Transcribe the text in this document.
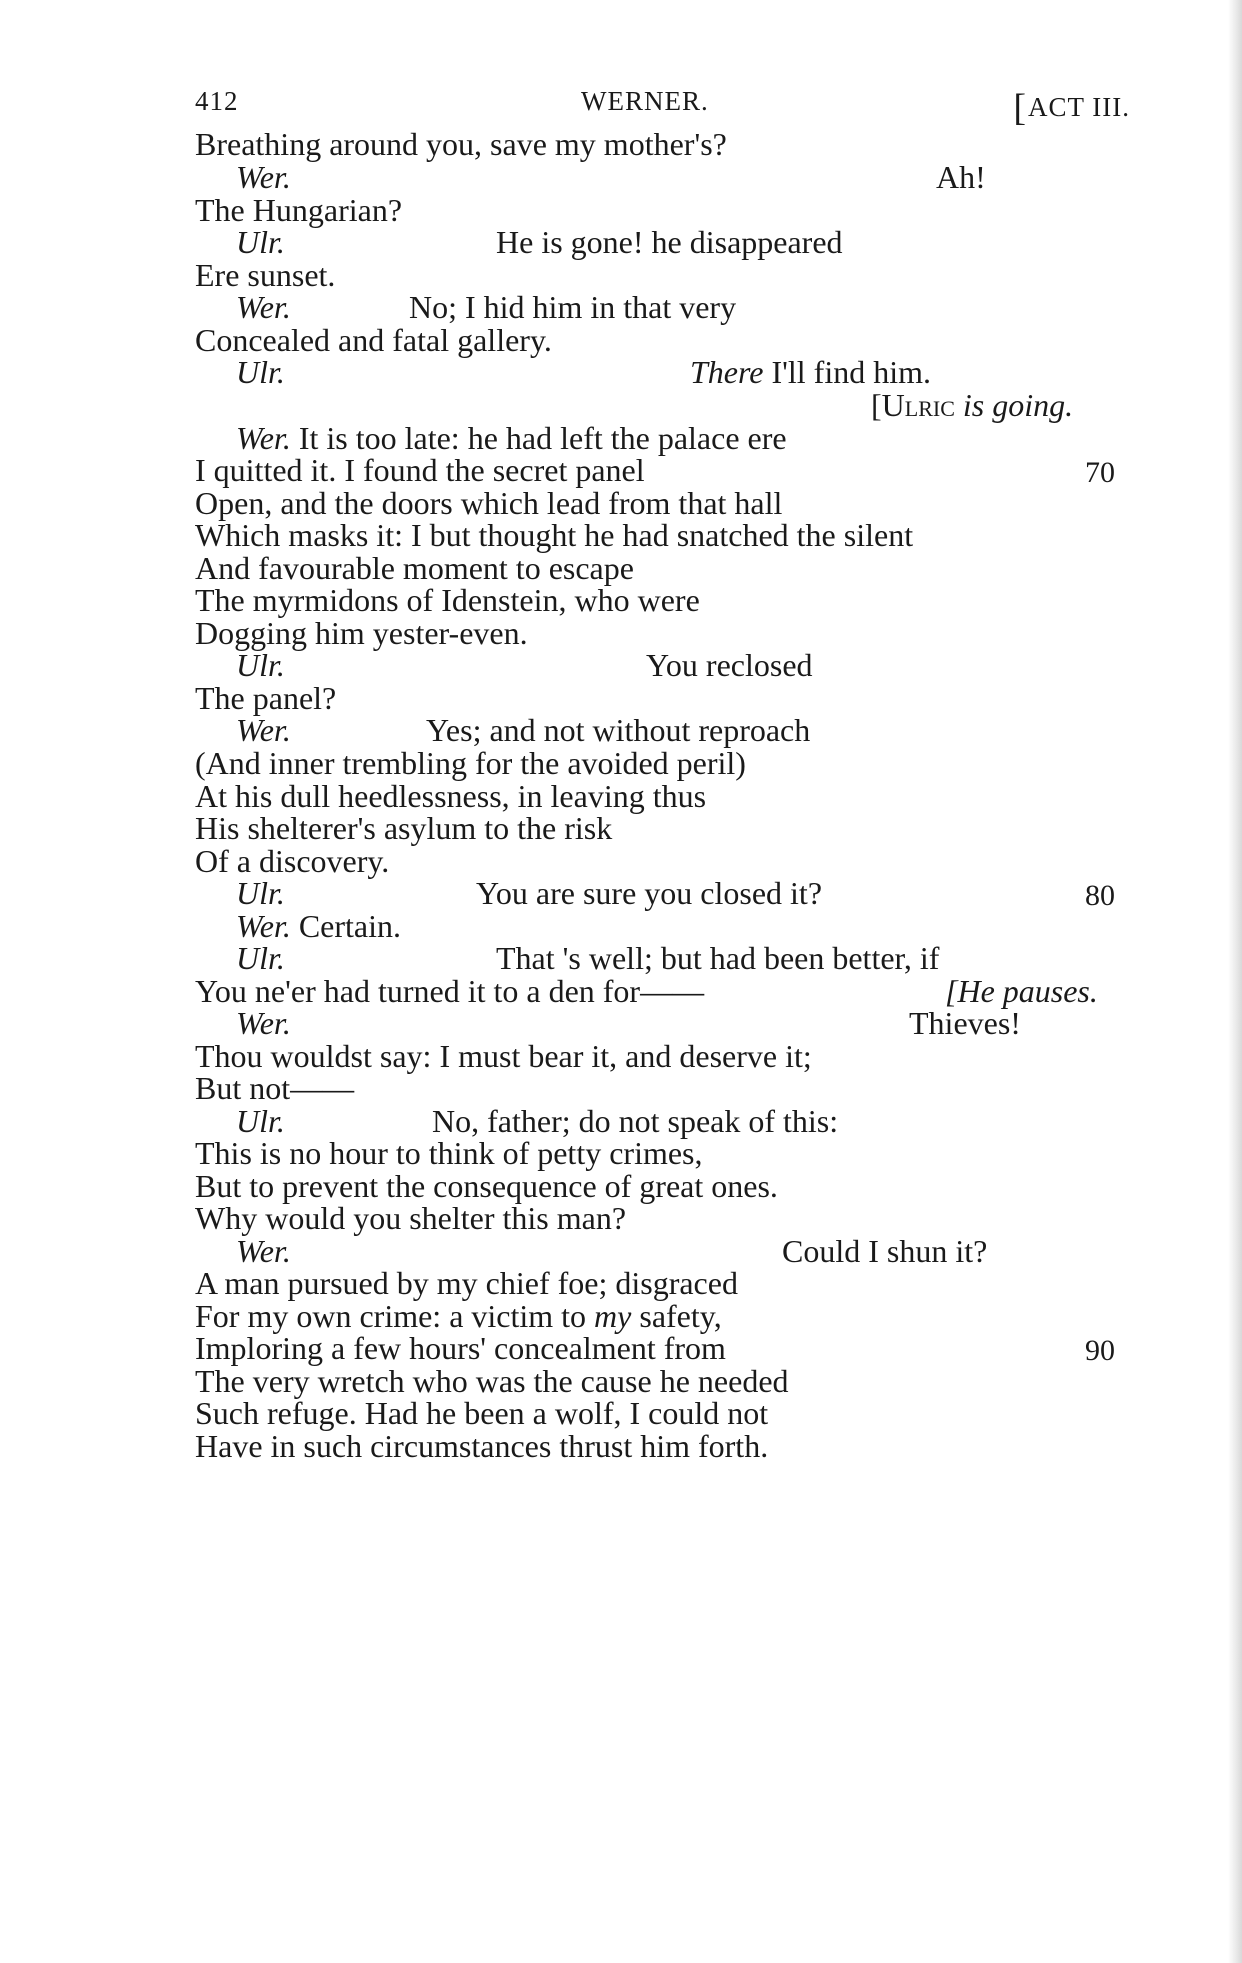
412	WERNER.	[ACT III.
Breathing around you, save my mother's?
Wer.	Ah!
The Hungarian?
Ulr.	He is gone! he disappeared
Ere sunset.
Wer.	No; I hid him in that very
Concealed and fatal gallery.
Ulr.	There I'll find him.
[Ulric is going.
Wer. It is too late: he had left the palace ere
I quitted it. I found the secret panel	70
Open, and the doors which lead from that hall
Which masks it: I but thought he had snatched the silent
And favourable moment to escape
The myrmidons of Idenstein, who were
Dogging him yester-even.
Ulr.	You reclosed
The panel?
Wer.	Yes; and not without reproach
(And inner trembling for the avoided peril)
At his dull heedlessness, in leaving thus
His shelterer's asylum to the risk
Of a discovery.
Ulr.	You are sure you closed it?	80
Wer. Certain.
Ulr.	That 's well; but had been better, if
You ne'er had turned it to a den for——	[He pauses.
Wer.	Thieves!
Thou wouldst say: I must bear it, and deserve it;
But not——
Ulr.	No, father; do not speak of this:
This is no hour to think of petty crimes,
But to prevent the consequence of great ones.
Why would you shelter this man?
Wer.	Could I shun it?
A man pursued by my chief foe; disgraced
For my own crime: a victim to my safety,
Imploring a few hours' concealment from	90
The very wretch who was the cause he needed
Such refuge. Had he been a wolf, I could not
Have in such circumstances thrust him forth.
